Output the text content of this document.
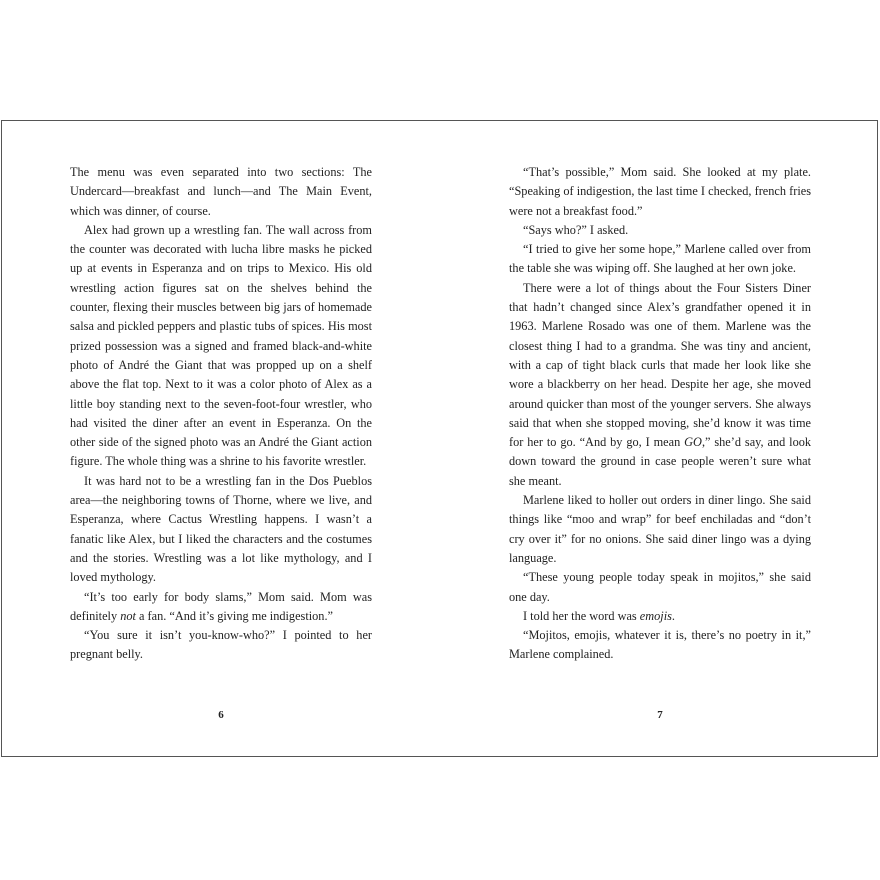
The menu was even separated into two sections: The Undercard—breakfast and lunch—and The Main Event, which was dinner, of course.

Alex had grown up a wrestling fan. The wall across from the counter was decorated with lucha libre masks he picked up at events in Esperanza and on trips to Mexico. His old wrestling action figures sat on the shelves behind the counter, flexing their muscles between big jars of homemade salsa and pickled peppers and plastic tubs of spices. His most prized possession was a signed and framed black-and-white photo of André the Giant that was propped up on a shelf above the flat top. Next to it was a color photo of Alex as a little boy standing next to the seven-foot-four wrestler, who had visited the diner after an event in Esperanza. On the other side of the signed photo was an André the Giant action figure. The whole thing was a shrine to his favorite wrestler.

It was hard not to be a wrestling fan in the Dos Pueblos area—the neighboring towns of Thorne, where we live, and Esperanza, where Cactus Wrestling happens. I wasn’t a fanatic like Alex, but I liked the characters and the costumes and the stories. Wrestling was a lot like mythology, and I loved mythology.

“It’s too early for body slams,” Mom said. Mom was definitely not a fan. “And it’s giving me indigestion.”

“You sure it isn’t you-know-who?” I pointed to her pregnant belly.

6

“That’s possible,” Mom said. She looked at my plate. “Speaking of indigestion, the last time I checked, french fries were not a breakfast food.”

“Says who?” I asked.

“I tried to give her some hope,” Marlene called over from the table she was wiping off. She laughed at her own joke.

There were a lot of things about the Four Sisters Diner that hadn’t changed since Alex’s grandfather opened it in 1963. Marlene Rosado was one of them. Marlene was the closest thing I had to a grandma. She was tiny and ancient, with a cap of tight black curls that made her look like she wore a blackberry on her head. Despite her age, she moved around quicker than most of the younger servers. She always said that when she stopped moving, she’d know it was time for her to go. “And by go, I mean GO,” she’d say, and look down toward the ground in case people weren’t sure what she meant.

Marlene liked to holler out orders in diner lingo. She said things like “moo and wrap” for beef enchiladas and “don’t cry over it” for no onions. She said diner lingo was a dying language.

“These young people today speak in mojitos,” she said one day.

I told her the word was emojis.

“Mojitos, emojis, whatever it is, there’s no poetry in it,” Marlene complained.

7
